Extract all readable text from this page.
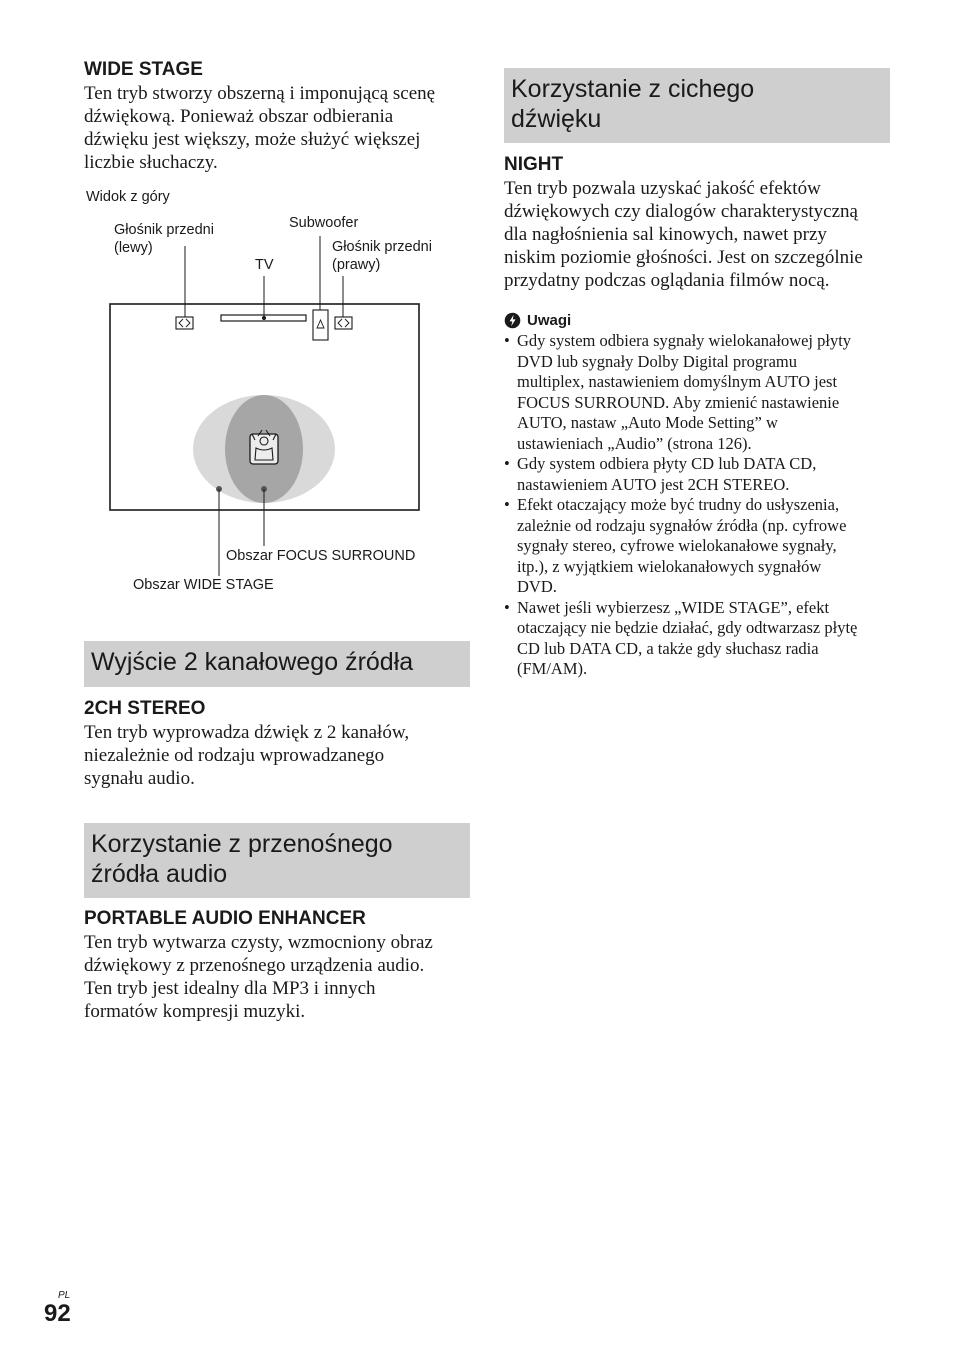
WIDE STAGE

Ten tryb stworzy obszerną i imponującą scenę
dźwiękową. Ponieważ obszar odbierania
dźwięku jest większy, może służyć większej
liczbie słuchaczy.

Widok z góry
Głośnik przedni
(lewy)
Subwoofer
Głośnik przedni
(prawy)
TV
Obszar FOCUS SURROUND
Obszar WIDE STAGE
Wyjście 2 kanałowego źródła
2CH STEREO

Ten tryb wyprowadza dźwięk z 2 kanałów,
niezależnie od rodzaju wprowadzanego
sygnału audio.

Korzystanie z przenośnego
źródła audio
PORTABLE AUDIO ENHANCER

Ten tryb wytwarza czysty, wzmocniony obraz
dźwiękowy z przenośnego urządzenia audio.
Ten tryb jest idealny dla MP3 i innych
formatów kompresji muzyki.

Korzystanie z cichego
dźwięku
NIGHT

Ten tryb pozwala uzyskać jakość efektów
dźwiękowych czy dialogów charakterystyczną
dla nagłośnienia sal kinowych, nawet przy
niskim poziomie głośności. Jest on szczególnie
przydatny podczas oglądania filmów nocą.

Uwagi
• Gdy system odbiera sygnały wielokanałowej płyty
DVD lub sygnały Dolby Digital programu
multiplex, nastawieniem domyślnym AUTO jest
FOCUS SURROUND. Aby zmienić nastawienie
AUTO, nastaw „Auto Mode Setting” w
ustawieniach „Audio” (strona 126).
• Gdy system odbiera płyty CD lub DATA CD,
nastawieniem AUTO jest 2CH STEREO.
• Efekt otaczający może być trudny do usłyszenia,
zależnie od rodzaju sygnałów źródła (np. cyfrowe
sygnały stereo, cyfrowe wielokanałowe sygnały,
itp.), z wyjątkiem wielokanałowych sygnałów
DVD.
• Nawet jeśli wybierzesz „WIDE STAGE”, efekt
otaczający nie będzie działać, gdy odtwarzasz płytę
CD lub DATA CD, a także gdy słuchasz radia
(FM/AM).
PL
92
